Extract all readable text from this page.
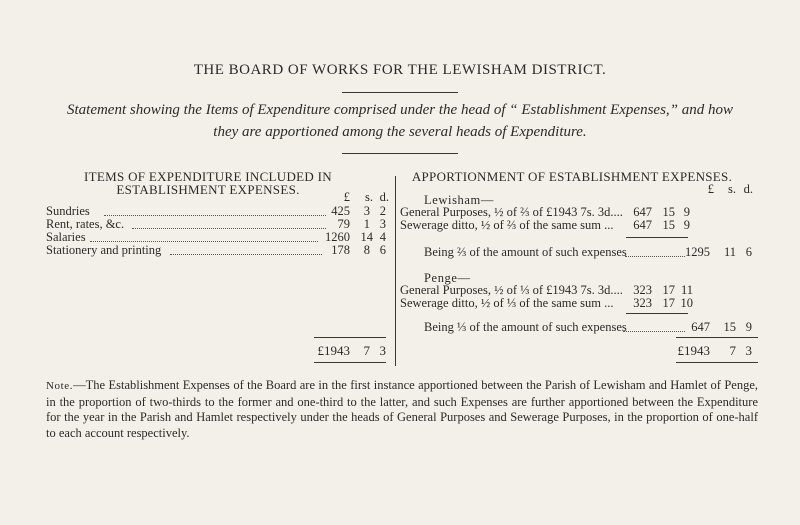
THE BOARD OF WORKS FOR THE LEWISHAM DISTRICT.
Statement showing the Items of Expenditure comprised under the head of “ Establishment Expenses,” and how
they are apportioned among the several heads of Expenditure.
ITEMS OF EXPENDITURE INCLUDED IN
ESTABLISHMENT EXPENSES.	£ s. d.
Sundries	425 3 2
Rent, rates, &c.	79 1 3
Salaries	1260 14 4
Stationery and printing	178 8 6
£1943 7 3
APPORTIONMENT OF ESTABLISHMENT EXPENSES.
£ s. d.
Lewisham—
General Purposes, ½ of ⅔ of £1943 7s. 3d.... 647 15 9
Sewerage ditto, ½ of ⅔ of the same sum ... 647 15 9
Being ⅔ of the amount of such expenses	1295 11 6
Penge—
General Purposes, ½ of ⅓ of £1943 7s. 3d.... 323 17 11
Sewerage ditto, ½ of ⅓ of the same sum ... 323 17 10
Being ⅓ of the amount of such expenses	647 15 9
£1943 7 3
Note.—The Establishment Expenses of the Board are in the first instance apportioned between the Parish of Lewisham and Hamlet of Penge, in the proportion of two-thirds to the former and one-third to the latter, and such Expenses are further apportioned between the Expenditure for the year in the Parish and Hamlet respectively under the heads of General Purposes and Sewerage Purposes, in the proportion of one-half to each account respectively.
